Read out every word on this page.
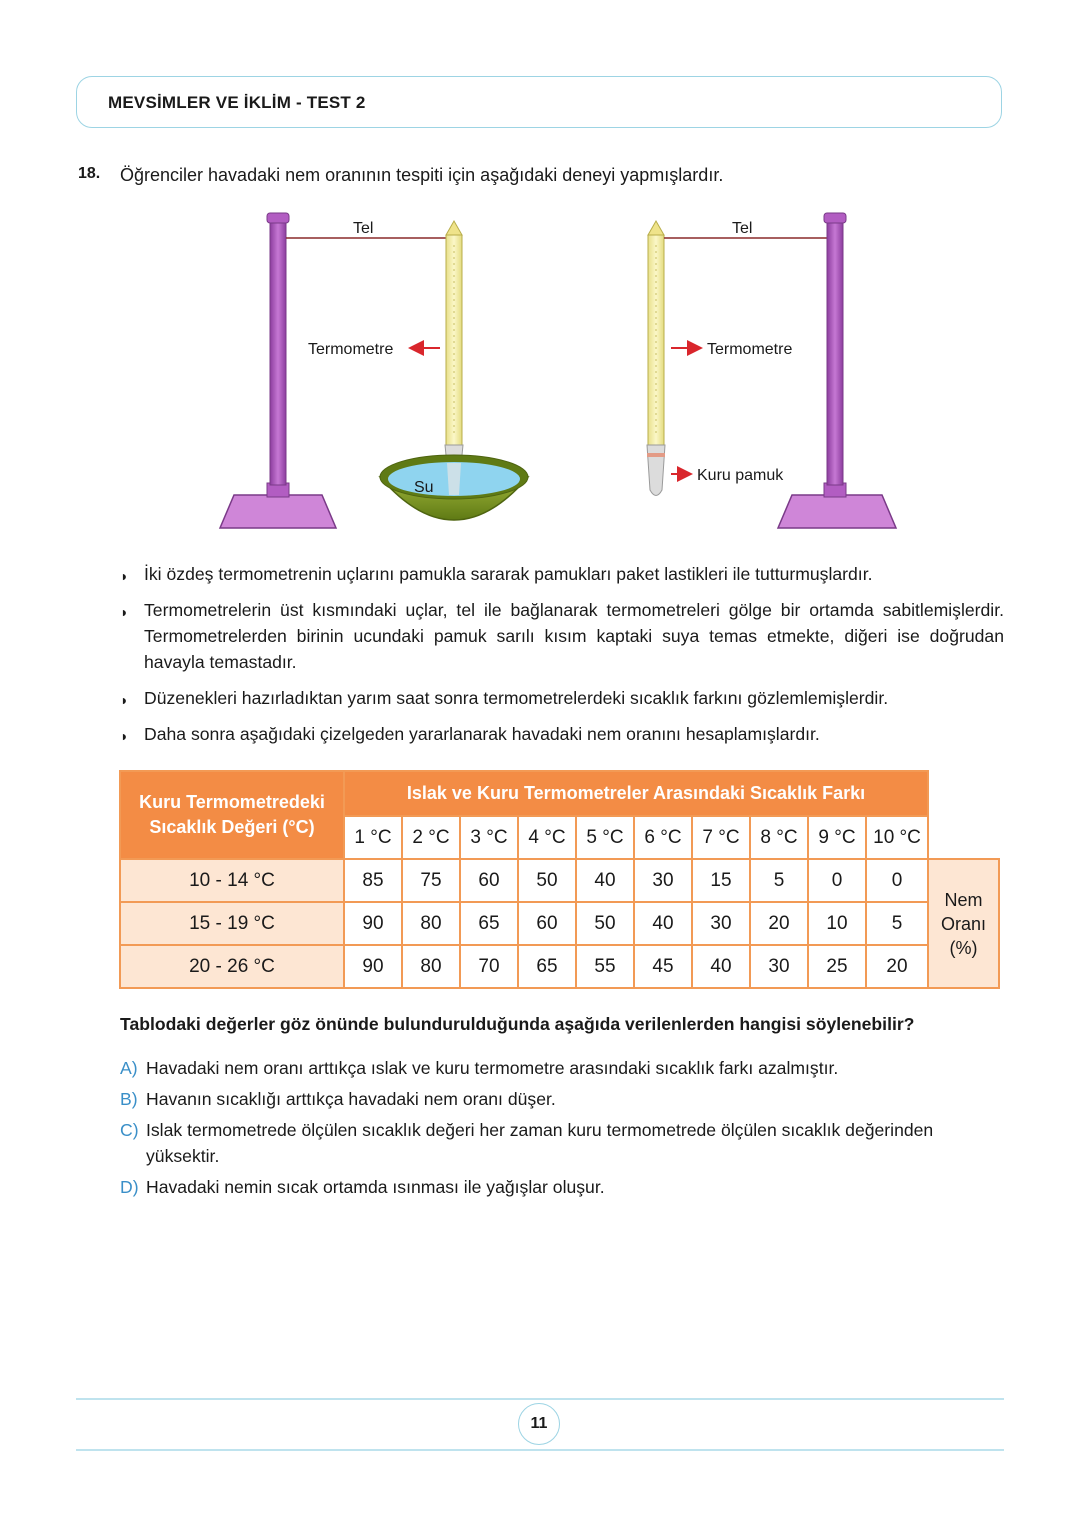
MEVSİMLER VE İKLİM - TEST 2
18. Öğrenciler havadaki nem oranının tespiti için aşağıdaki deneyi yapmışlardır.
Tel
Termometre
Su
Tel
Termometre
Kuru pamuk
◗ İki özdeş termometrenin uçlarını pamukla sararak pamukları paket lastikleri ile tutturmuşlardır.
◗ Termometrelerin üst kısmındaki uçlar, tel ile bağlanarak termometreleri gölge bir ortamda sabitlemişlerdir. Termometrelerden birinin ucundaki pamuk sarılı kısım kaptaki suya temas etmekte, diğeri ise doğrudan havayla temastadır.
◗ Düzenekleri hazırladıktan yarım saat sonra termometrelerdeki sıcaklık farkını gözlemlemişlerdir.
◗ Daha sonra aşağıdaki çizelgeden yararlanarak havadaki nem oranını hesaplamışlardır.
Kuru Termometredeki Sıcaklık Değeri (°C)	Islak ve Kuru Termometreler Arasındaki Sıcaklık Farkı										
	1 °C	2 °C	3 °C	4 °C	5 °C	6 °C	7 °C	8 °C	9 °C	10 °C	
10 - 14 °C	85	75	60	50	40	30	15	5	0	0	Nem Oranı (%)
15 - 19 °C	90	80	65	60	50	40	30	20	10	5	
20 - 26 °C	90	80	70	65	55	45	40	30	25	20	
Tablodaki değerler göz önünde bulundurulduğunda aşağıda verilenlerden hangisi söylenebilir?
A) Havadaki nem oranı arttıkça ıslak ve kuru termometre arasındaki sıcaklık farkı azalmıştır.
B) Havanın sıcaklığı arttıkça havadaki nem oranı düşer.
C) Islak termometrede ölçülen sıcaklık değeri her zaman kuru termometrede ölçülen sıcaklık değerinden yüksektir.
D) Havadaki nemin sıcak ortamda ısınması ile yağışlar oluşur.
11
